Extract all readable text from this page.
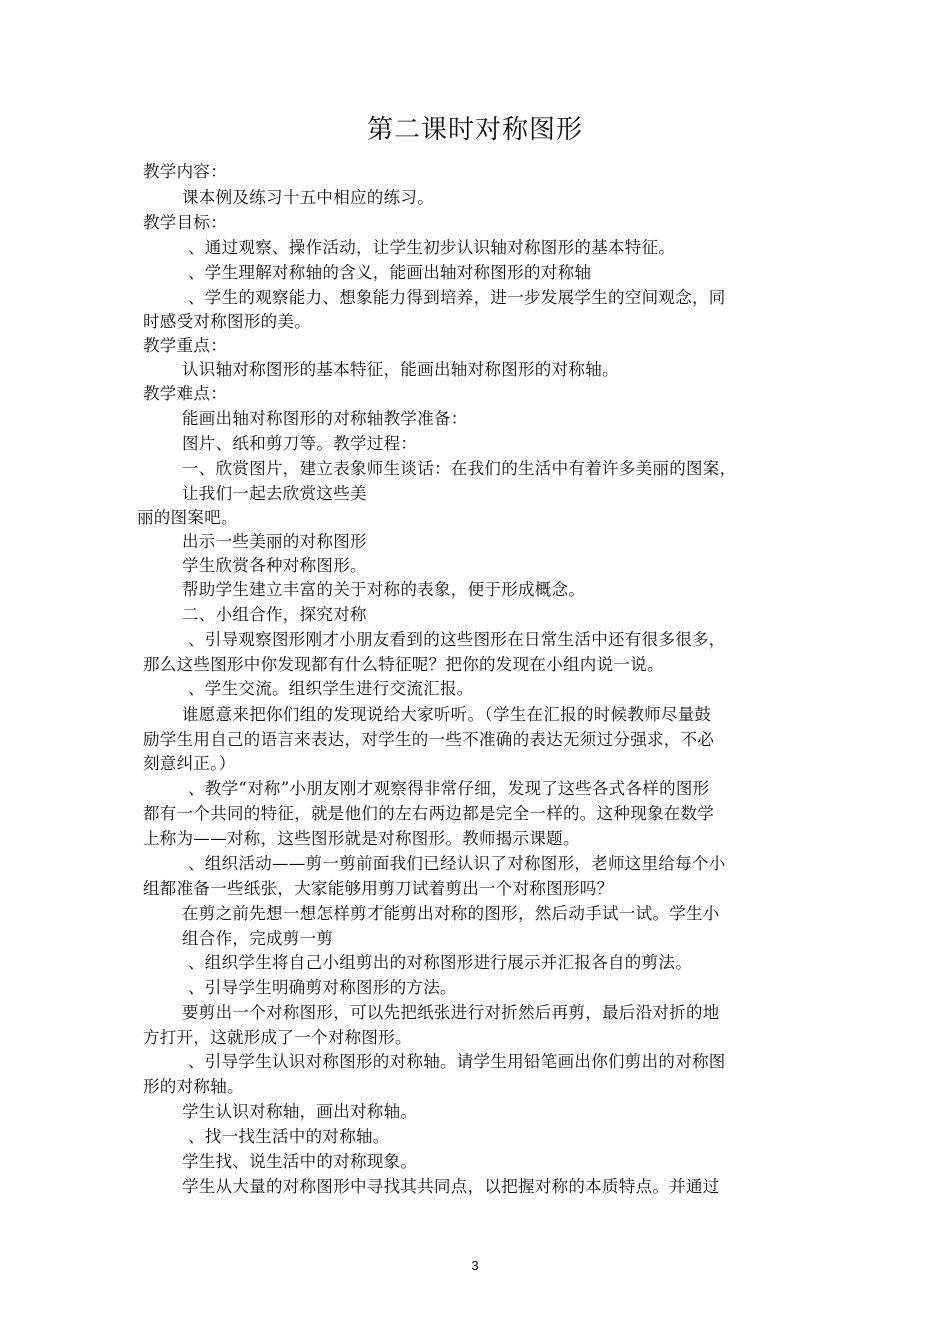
第二课时对称图形
教学内容：
课本例及练习十五中相应的练习。
教学目标：
、通过观察、操作活动，让学生初步认识轴对称图形的基本特征。
、学生理解对称轴的含义，能画出轴对称图形的对称轴
、学生的观察能力、想象能力得到培养，进一步发展学生的空间观念，同
时感受对称图形的美。
教学重点：
认识轴对称图形的基本特征，能画出轴对称图形的对称轴。
教学难点：
能画出轴对称图形的对称轴教学准备：
图片、纸和剪刀等。教学过程：
一、欣赏图片，建立表象师生谈话：在我们的生活中有着许多美丽的图案，
让我们一起去欣赏这些美
丽的图案吧。
出示一些美丽的对称图形
学生欣赏各种对称图形。
帮助学生建立丰富的关于对称的表象，便于形成概念。
二、小组合作，探究对称
、引导观察图形刚才小朋友看到的这些图形在日常生活中还有很多很多，
那么这些图形中你发现都有什么特征呢？把你的发现在小组内说一说。
、学生交流。组织学生进行交流汇报。
谁愿意来把你们组的发现说给大家听听。（学生在汇报的时候教师尽量鼓
励学生用自己的语言来表达，对学生的一些不准确的表达无须过分强求，不必
刻意纠正。）
、教学“对称”小朋友刚才观察得非常仔细，发现了这些各式各样的图形
都有一个共同的特征，就是他们的左右两边都是完全一样的。这种现象在数学
上称为——对称，这些图形就是对称图形。教师揭示课题。
、组织活动——剪一剪前面我们已经认识了对称图形，老师这里给每个小
组都准备一些纸张，大家能够用剪刀试着剪出一个对称图形吗？
在剪之前先想一想怎样剪才能剪出对称的图形，然后动手试一试。学生小
组合作，完成剪一剪
、组织学生将自己小组剪出的对称图形进行展示并汇报各自的剪法。
、引导学生明确剪对称图形的方法。
要剪出一个对称图形，可以先把纸张进行对折然后再剪，最后沿对折的地
方打开，这就形成了一个对称图形。
、引导学生认识对称图形的对称轴。请学生用铅笔画出你们剪出的对称图
形的对称轴。
学生认识对称轴，画出对称轴。
、找一找生活中的对称轴。
学生找、说生活中的对称现象。
学生从大量的对称图形中寻找其共同点，以把握对称的本质特点。并通过
3
